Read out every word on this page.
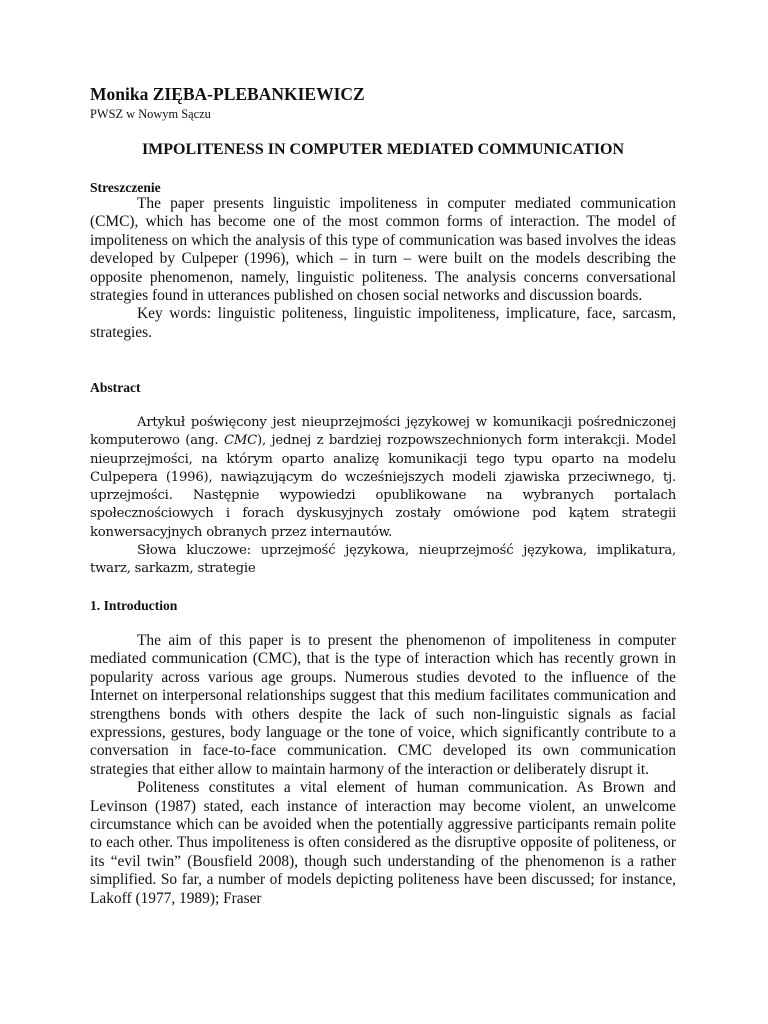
Monika ZIĘBA-PLEBANKIEWICZ
PWSZ w Nowym Sączu
IMPOLITENESS IN COMPUTER MEDIATED COMMUNICATION
Streszczenie

The paper presents linguistic impoliteness in computer mediated communication (CMC), which has become one of the most common forms of interaction. The model of impoliteness on which the analysis of this type of communication was based involves the ideas developed by Culpeper (1996), which – in turn – were built on the models describing the opposite phenomenon, namely, linguistic politeness. The analysis concerns conversational strategies found in utterances published on chosen social networks and discussion boards.

Key words: linguistic politeness, linguistic impoliteness, implicature, face, sarcasm, strategies.

Abstract

Artykuł poświęcony jest nieuprzejmości językowej w komunikacji pośredniczonej komputerowo (ang. CMC), jednej z bardziej rozpowszechnionych form interakcji. Model nieuprzejmości, na którym oparto analizę komunikacji tego typu oparto na modelu Culpepera (1996), nawiązującym do wcześniejszych modeli zjawiska przeciwnego, tj. uprzejmości. Następnie wypowiedzi opublikowane na wybranych portalach społecznościowych i forach dyskusyjnych zostały omówione pod kątem strategii konwersacyjnych obranych przez internautów.

Słowa kluczowe: uprzejmość językowa, nieuprzejmość językowa, implikatura, twarz, sarkazm, strategie

1. Introduction

The aim of this paper is to present the phenomenon of impoliteness in computer mediated communication (CMC), that is the type of interaction which has recently grown in popularity across various age groups. Numerous studies devoted to the influence of the Internet on interpersonal relationships suggest that this medium facilitates communication and strengthens bonds with others despite the lack of such non-linguistic signals as facial expressions, gestures, body language or the tone of voice, which significantly contribute to a conversation in face-to-face communication. CMC developed its own communication strategies that either allow to maintain harmony of the interaction or deliberately disrupt it.

Politeness constitutes a vital element of human communication. As Brown and Levinson (1987) stated, each instance of interaction may become violent, an unwelcome circumstance which can be avoided when the potentially aggressive participants remain polite to each other. Thus impoliteness is often considered as the disruptive opposite of politeness, or its “evil twin” (Bousfield 2008), though such understanding of the phenomenon is a rather simplified. So far, a number of models depicting politeness have been discussed; for instance, Lakoff (1977, 1989); Fraser
